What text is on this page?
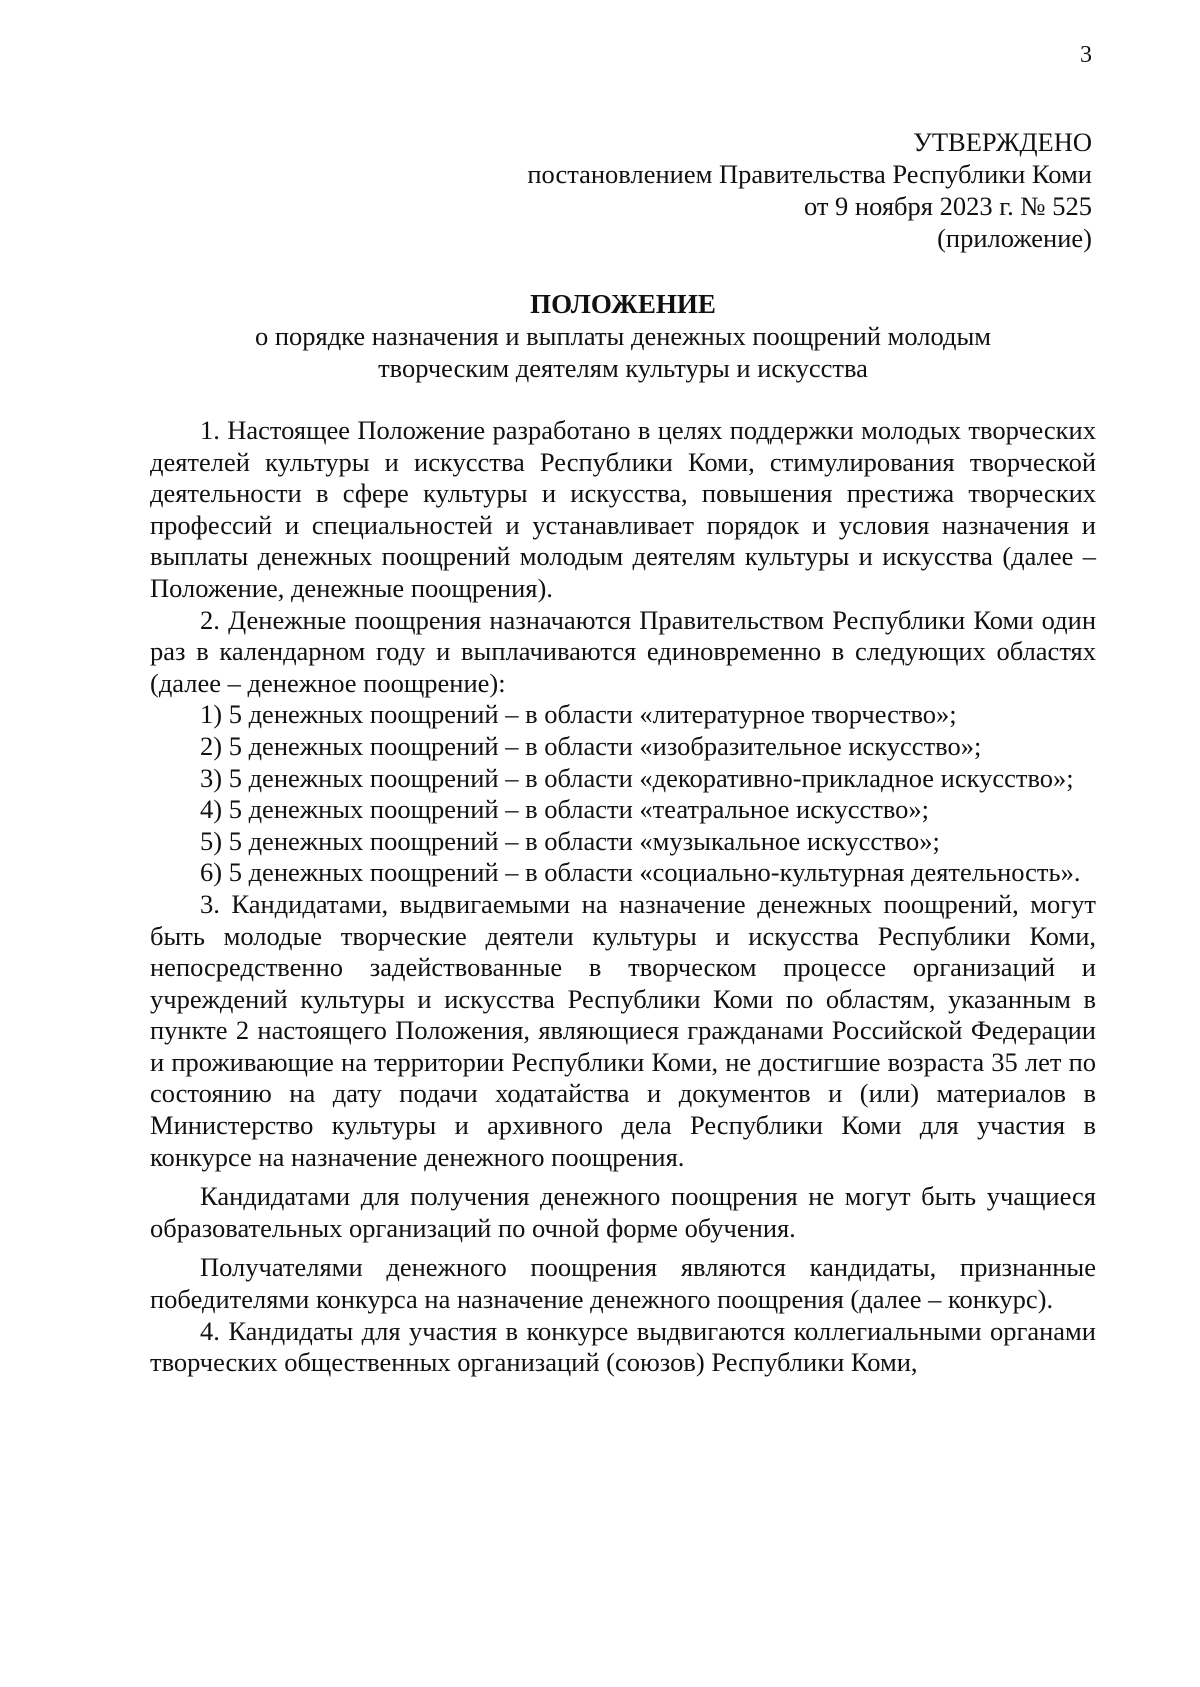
3
УТВЕРЖДЕНО
постановлением Правительства Республики Коми
от 9 ноября 2023 г. № 525
(приложение)
ПОЛОЖЕНИЕ
о порядке назначения и выплаты денежных поощрений молодым
творческим деятелям культуры и искусства

1. Настоящее Положение разработано в целях поддержки молодых творческих деятелей культуры и искусства Республики Коми, стимулирования творческой деятельности в сфере культуры и искусства, повышения престижа творческих профессий и специальностей и устанавливает порядок и условия назначения и выплаты денежных поощрений молодым деятелям культуры и искусства (далее – Положение, денежные поощрения).

2. Денежные поощрения назначаются Правительством Республики Коми один раз в календарном году и выплачиваются единовременно в следующих областях (далее – денежное поощрение):

1) 5 денежных поощрений – в области «литературное творчество»;

2) 5 денежных поощрений – в области «изобразительное искусство»;

3) 5 денежных поощрений – в области «декоративно-прикладное искусство»;

4) 5 денежных поощрений – в области «театральное искусство»;

5) 5 денежных поощрений – в области «музыкальное искусство»;

6) 5 денежных поощрений – в области «социально-культурная деятельность».

3. Кандидатами, выдвигаемыми на назначение денежных поощрений, могут быть молодые творческие деятели культуры и искусства Республики Коми, непосредственно задействованные в творческом процессе организаций и учреждений культуры и искусства Республики Коми по областям, указанным в пункте 2 настоящего Положения, являющиеся гражданами Российской Федерации и проживающие на территории Республики Коми, не достигшие возраста 35 лет по состоянию на дату подачи ходатайства и документов и (или) материалов в Министерство культуры и архивного дела Республики Коми для участия в конкурсе на назначение денежного поощрения.

Кандидатами для получения денежного поощрения не могут быть учащиеся образовательных организаций по очной форме обучения.

Получателями денежного поощрения являются кандидаты, признанные победителями конкурса на назначение денежного поощрения (далее – конкурс).

4. Кандидаты для участия в конкурсе выдвигаются коллегиальными органами творческих общественных организаций (союзов) Республики Коми,
